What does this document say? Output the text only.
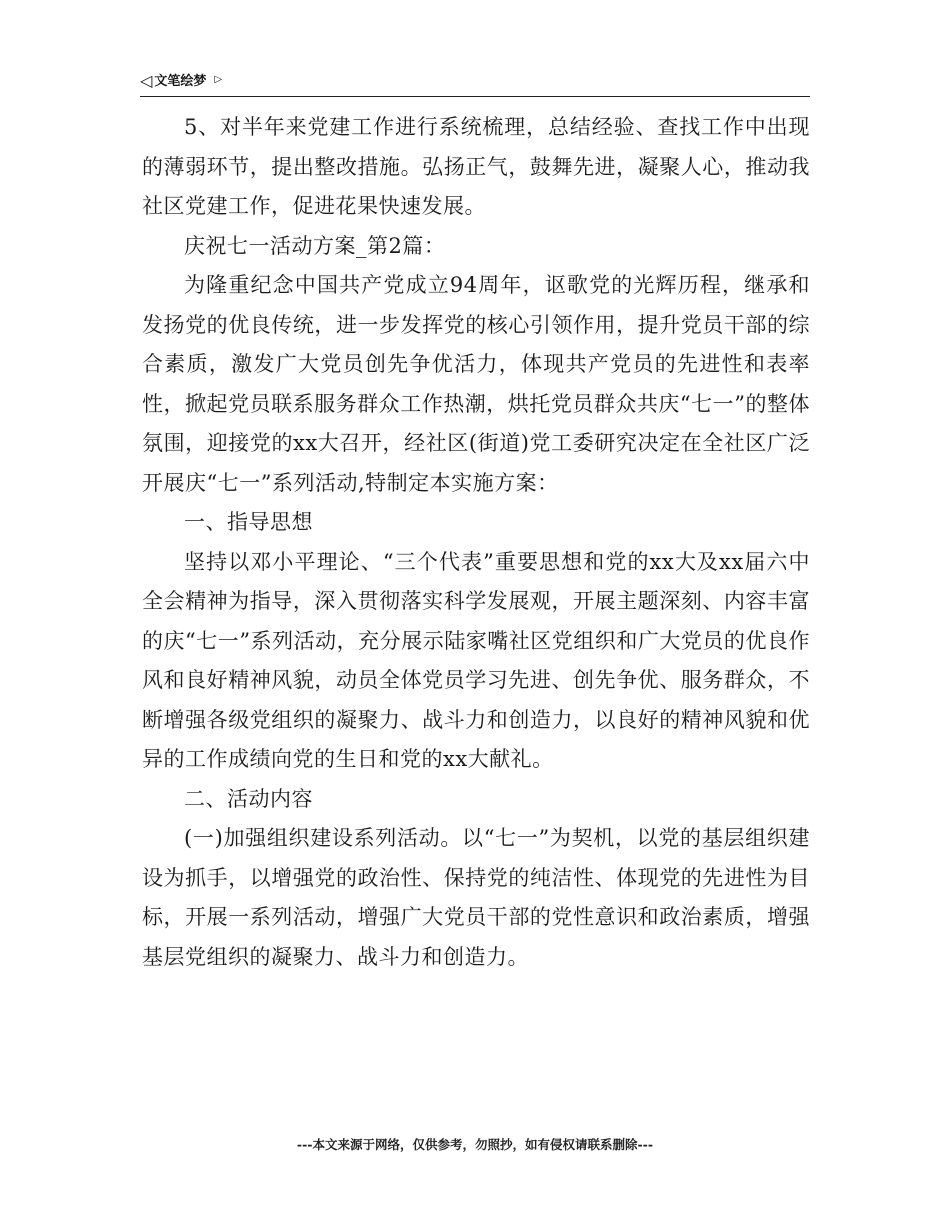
◁ 文笔绘梦 ▷

5、对半年来党建工作进行系统梳理，总结经验、查找工作中出现的薄弱环节，提出整改措施。弘扬正气，鼓舞先进，凝聚人心，推动我社区党建工作，促进花果快速发展。

庆祝七一活动方案_第2篇：

为隆重纪念中国共产党成立94周年，讴歌党的光辉历程，继承和发扬党的优良传统，进一步发挥党的核心引领作用，提升党员干部的综合素质，激发广大党员创先争优活力，体现共产党员的先进性和表率性，掀起党员联系服务群众工作热潮，烘托党员群众共庆“七一”的整体氛围，迎接党的xx大召开，经社区(街道)党工委研究决定在全社区广泛开展庆“七一”系列活动,特制定本实施方案：

一、指导思想

坚持以邓小平理论、“三个代表”重要思想和党的xx大及xx届六中全会精神为指导，深入贯彻落实科学发展观，开展主题深刻、内容丰富的庆“七一”系列活动，充分展示陆家嘴社区党组织和广大党员的优良作风和良好精神风貌，动员全体党员学习先进、创先争优、服务群众，不断增强各级党组织的凝聚力、战斗力和创造力，以良好的精神风貌和优异的工作成绩向党的生日和党的xx大献礼。

二、活动内容

(一)加强组织建设系列活动。以“七一”为契机，以党的基层组织建设为抓手，以增强党的政治性、保持党的纯洁性、体现党的先进性为目标，开展一系列活动，增强广大党员干部的党性意识和政治素质，增强基层党组织的凝聚力、战斗力和创造力。

---本文来源于网络，仅供参考，勿照抄，如有侵权请联系删除---
